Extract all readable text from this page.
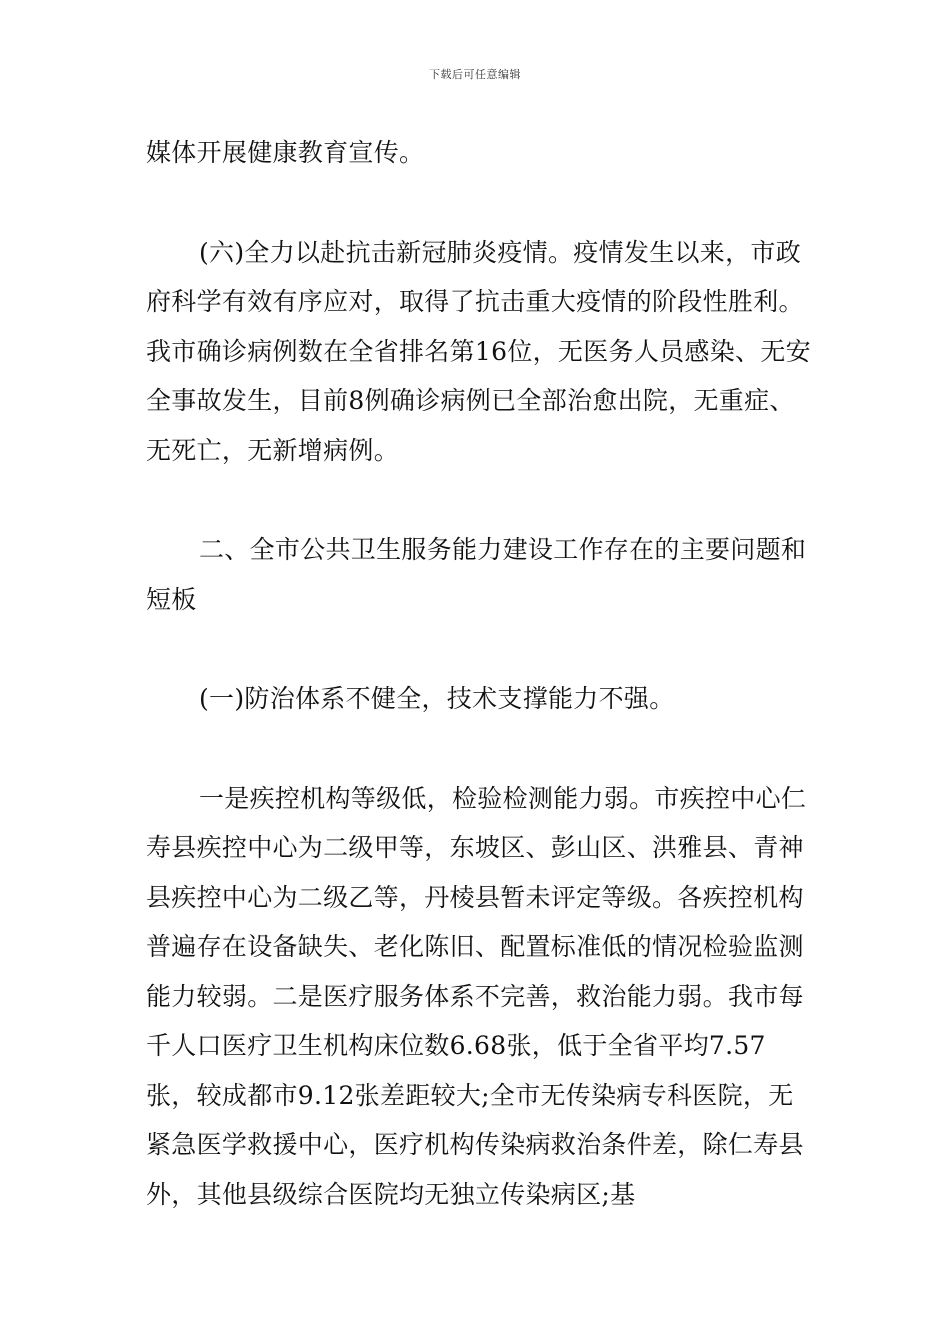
下载后可任意编辑

媒体开展健康教育宣传。

(六)全力以赴抗击新冠肺炎疫情。疫情发生以来，市政府科学有效有序应对，取得了抗击重大疫情的阶段性胜利。我市确诊病例数在全省排名第16位，无医务人员感染、无安全事故发生，目前8例确诊病例已全部治愈出院，无重症、无死亡，无新增病例。

二、全市公共卫生服务能力建设工作存在的主要问题和短板

(一)防治体系不健全，技术支撑能力不强。

一是疾控机构等级低，检验检测能力弱。市疾控中心仁寿县疾控中心为二级甲等，东坡区、彭山区、洪雅县、青神县疾控中心为二级乙等，丹棱县暂未评定等级。各疾控机构普遍存在设备缺失、老化陈旧、配置标准低的情况检验监测能力较弱。二是医疗服务体系不完善，救治能力弱。我市每千人口医疗卫生机构床位数6.68张，低于全省平均7.57张，较成都市9.12张差距较大;全市无传染病专科医院，无紧急医学救援中心，医疗机构传染病救治条件差，除仁寿县外，其他县级综合医院均无独立传染病区;基
